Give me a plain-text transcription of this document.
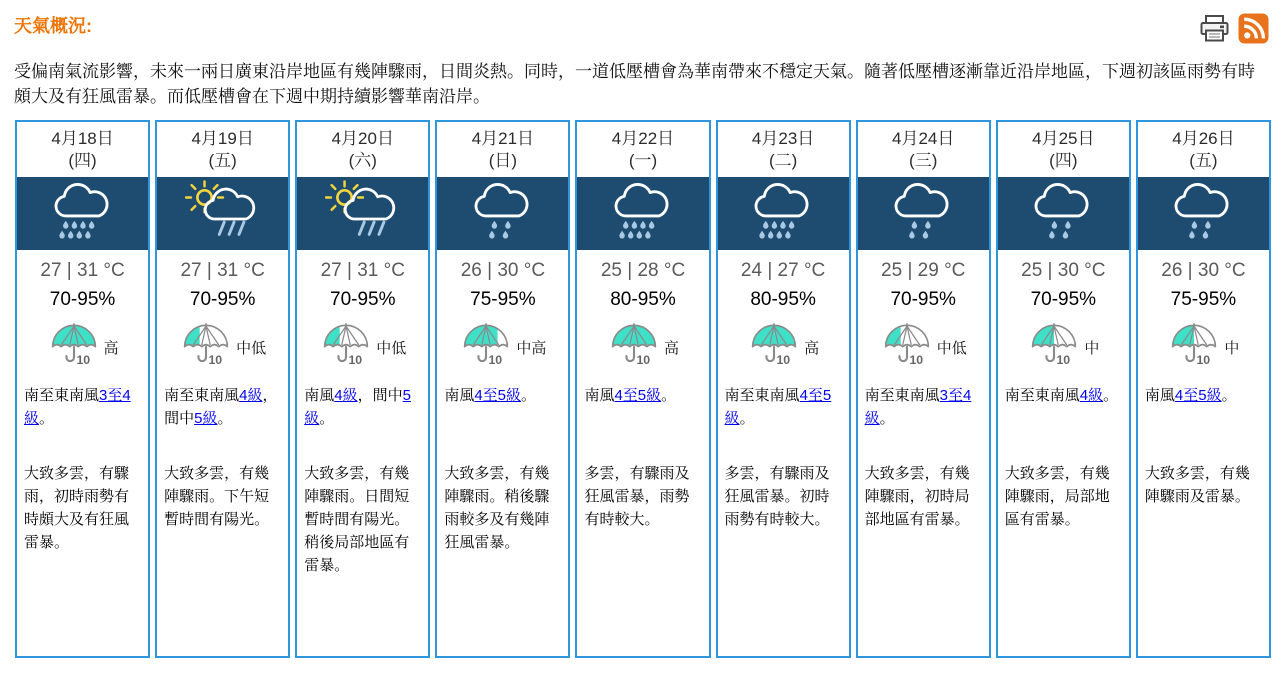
天氣概況:
受偏南氣流影響，未來一兩日廣東沿岸地區有幾陣驟雨，日間炎熱。同時，一道低壓槽會為華南帶來不穩定天氣。隨著低壓槽逐漸靠近沿岸地區，下週初該區雨勢有時頗大及有狂風雷暴。而低壓槽會在下週中期持續影響華南沿岸。
4月18日
(四)
27 | 31 °C
70-95%
10
高
南至東南風3至4級。
大致多雲，有驟雨，初時雨勢有時頗大及有狂風雷暴。
4月19日
(五)
27 | 31 °C
70-95%
10
中低
南至東南風4級，間中5級。
大致多雲，有幾陣驟雨。下午短暫時間有陽光。
4月20日
(六)
27 | 31 °C
70-95%
10
中低
南風4級，間中5級。
大致多雲，有幾陣驟雨。日間短暫時間有陽光。稍後局部地區有雷暴。
4月21日
(日)
26 | 30 °C
75-95%
10
中高
南風4至5級。
大致多雲，有幾陣驟雨。稍後驟雨較多及有幾陣狂風雷暴。
4月22日
(一)
25 | 28 °C
80-95%
10
高
南風4至5級。
多雲，有驟雨及狂風雷暴，雨勢有時較大。
4月23日
(二)
24 | 27 °C
80-95%
10
高
南至東南風4至5級。
多雲，有驟雨及狂風雷暴。初時雨勢有時較大。
4月24日
(三)
25 | 29 °C
70-95%
10
中低
南至東南風3至4級。
大致多雲，有幾陣驟雨，初時局部地區有雷暴。
4月25日
(四)
25 | 30 °C
70-95%
10
中
南至東南風4級。
大致多雲，有幾陣驟雨，局部地區有雷暴。
4月26日
(五)
26 | 30 °C
75-95%
10
中
南風4至5級。
大致多雲，有幾陣驟雨及雷暴。
